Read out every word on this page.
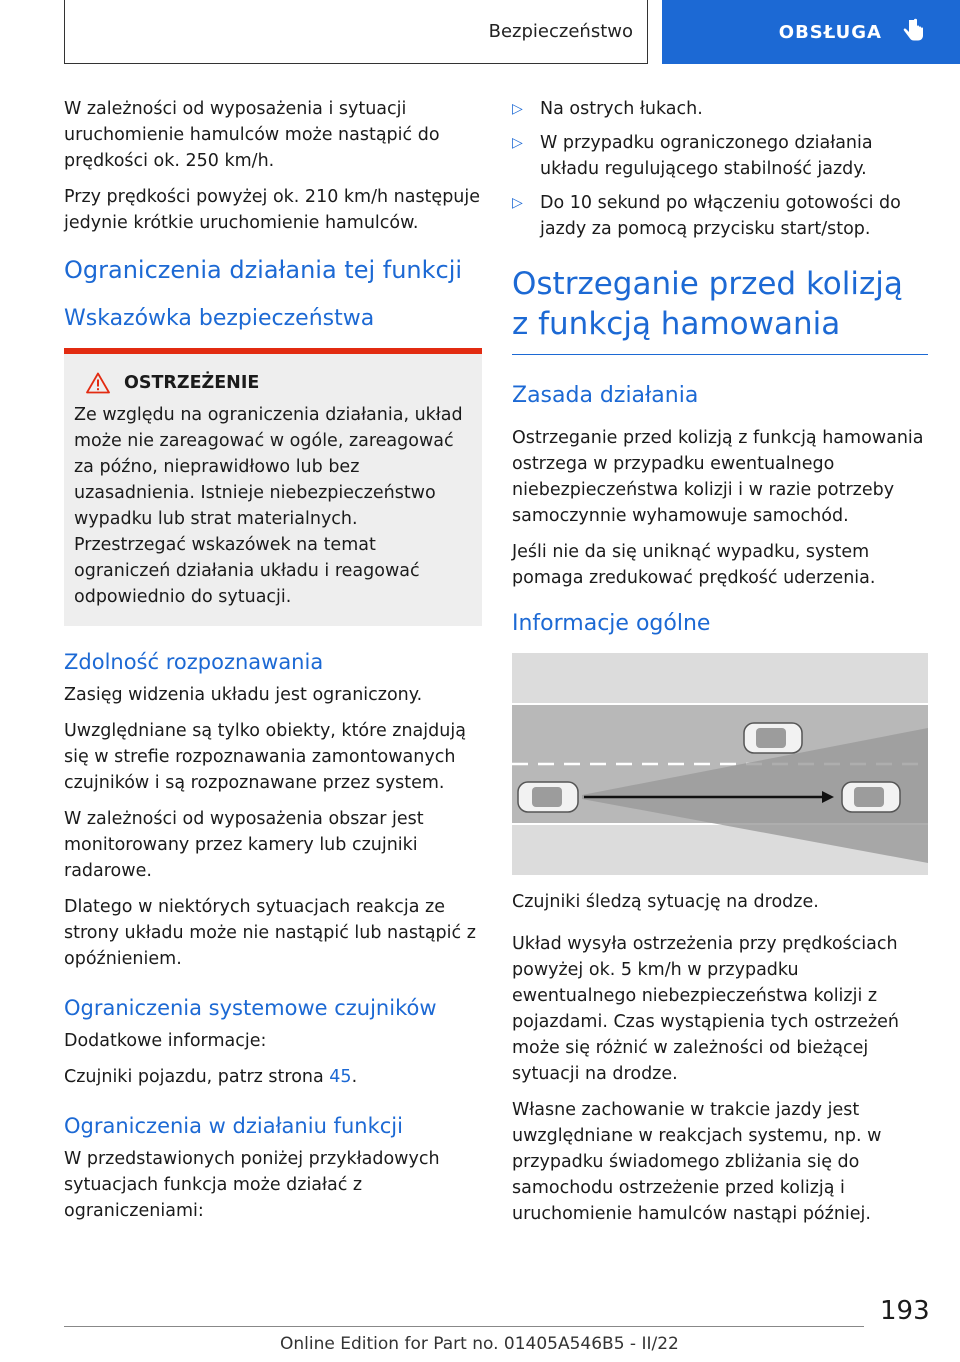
Bezpieczeństwo	OBSŁUGA

W zależności od wyposażenia i sytuacji uruchomienie hamulców może nastąpić do prędkości ok. 250 km/h.

Przy prędkości powyżej ok. 210 km/h następuje jedynie krótkie uruchomienie hamulców.

Ograniczenia działania tej funkcji
Wskazówka bezpieczeństwa
OSTRZEŻENIE

Ze względu na ograniczenia działania, układ może nie zareagować w ogóle, zareagować za późno, nieprawidłowo lub bez uzasadnienia. Istnieje niebezpieczeństwo wypadku lub strat materialnych. Przestrzegać wskazówek na temat ograniczeń działania układu i reagować odpowiednio do sytuacji.

Zdolność rozpoznawania

Zasięg widzenia układu jest ograniczony.

Uwzględniane są tylko obiekty, które znajdują się w strefie rozpoznawania zamontowanych czujników i są rozpoznawane przez system.

W zależności od wyposażenia obszar jest monitorowany przez kamery lub czujniki radarowe.

Dlatego w niektórych sytuacjach reakcja ze strony układu może nie nastąpić lub nastąpić z opóźnieniem.

Ograniczenia systemowe czujników

Dodatkowe informacje:

Czujniki pojazdu, patrz strona 45.

Ograniczenia w działaniu funkcji

W przedstawionych poniżej przykładowych sytuacjach funkcja może działać z ograniczeniami:

▷ Na ostrych łukach.

▷ W przypadku ograniczonego działania układu regulującego stabilność jazdy.

▷ Do 10 sekund po włączeniu gotowości do jazdy za pomocą przycisku start/stop.

Ostrzeganie przed kolizją z funkcją hamowania
Zasada działania

Ostrzeganie przed kolizją z funkcją hamowania ostrzega w przypadku ewentualnego niebezpieczeństwa kolizji i w razie potrzeby samoczynnie wyhamowuje samochód.

Jeśli nie da się uniknąć wypadku, system pomaga zredukować prędkość uderzenia.

Informacje ogólne

Czujniki śledzą sytuację na drodze.

Układ wysyła ostrzeżenia przy prędkościach powyżej ok. 5 km/h w przypadku ewentualnego niebezpieczeństwa kolizji z pojazdami. Czas wystąpienia tych ostrzeżeń może się różnić w zależności od bieżącej sytuacji na drodze.

Własne zachowanie w trakcie jazdy jest uwzględniane w reakcjach systemu, np. w przypadku świadomego zbliżania się do samochodu ostrzeżenie przed kolizją i uruchomienie hamulców nastąpi później.

193
Online Edition for Part no. 01405A546B5 - II/22
